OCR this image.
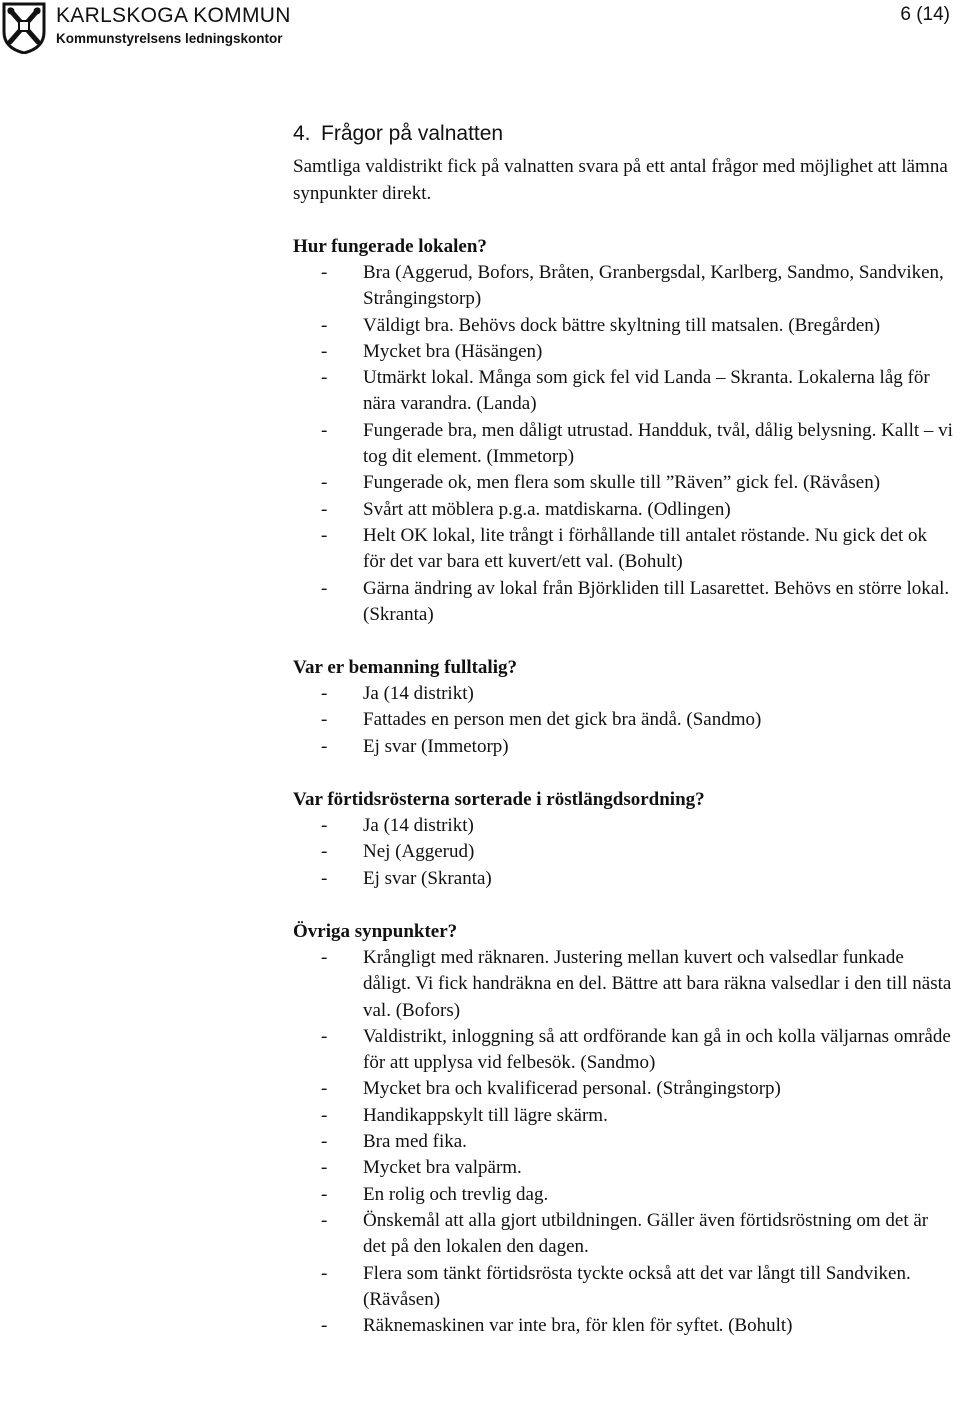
KARLSKOGA KOMMUN
Kommunstyrelsens ledningskontor
6 (14)
4. Frågor på valnatten

Samtliga valdistrikt fick på valnatten svara på ett antal frågor med möjlighet att lämna synpunkter direkt.

Hur fungerade lokalen?

- Bra (Aggerud, Bofors, Bråten, Granbergsdal, Karlberg, Sandmo, Sandviken, Strångingstorp)
- Väldigt bra. Behövs dock bättre skyltning till matsalen. (Bregården)
- Mycket bra (Häsängen)
- Utmärkt lokal. Många som gick fel vid Landa – Skranta. Lokalerna låg för nära varandra. (Landa)
- Fungerade bra, men dåligt utrustad. Handduk, tvål, dålig belysning. Kallt – vi tog dit element. (Immetorp)
- Fungerade ok, men flera som skulle till ”Räven” gick fel. (Rävåsen)
- Svårt att möblera p.g.a. matdiskarna. (Odlingen)
- Helt OK lokal, lite trångt i förhållande till antalet röstande. Nu gick det ok för det var bara ett kuvert/ett val. (Bohult)
- Gärna ändring av lokal från Björkliden till Lasarettet. Behövs en större lokal. (Skranta)

Var er bemanning fulltalig?

- Ja (14 distrikt)
- Fattades en person men det gick bra ändå. (Sandmo)
- Ej svar (Immetorp)

Var förtidsrösterna sorterade i röstlängdsordning?

- Ja (14 distrikt)
- Nej (Aggerud)
- Ej svar (Skranta)

Övriga synpunkter?

- Krångligt med räknaren. Justering mellan kuvert och valsedlar funkade dåligt. Vi fick handräkna en del. Bättre att bara räkna valsedlar i den till nästa val. (Bofors)
- Valdistrikt, inloggning så att ordförande kan gå in och kolla väljarnas område för att upplysa vid felbesök. (Sandmo)
- Mycket bra och kvalificerad personal. (Strångingstorp)
- Handikappskylt till lägre skärm.
- Bra med fika.
- Mycket bra valpärm.
- En rolig och trevlig dag.
- Önskemål att alla gjort utbildningen. Gäller även förtidsröstning om det är det på den lokalen den dagen.
- Flera som tänkt förtidsrösta tyckte också att det var långt till Sandviken. (Rävåsen)
- Räknemaskinen var inte bra, för klen för syftet. (Bohult)
